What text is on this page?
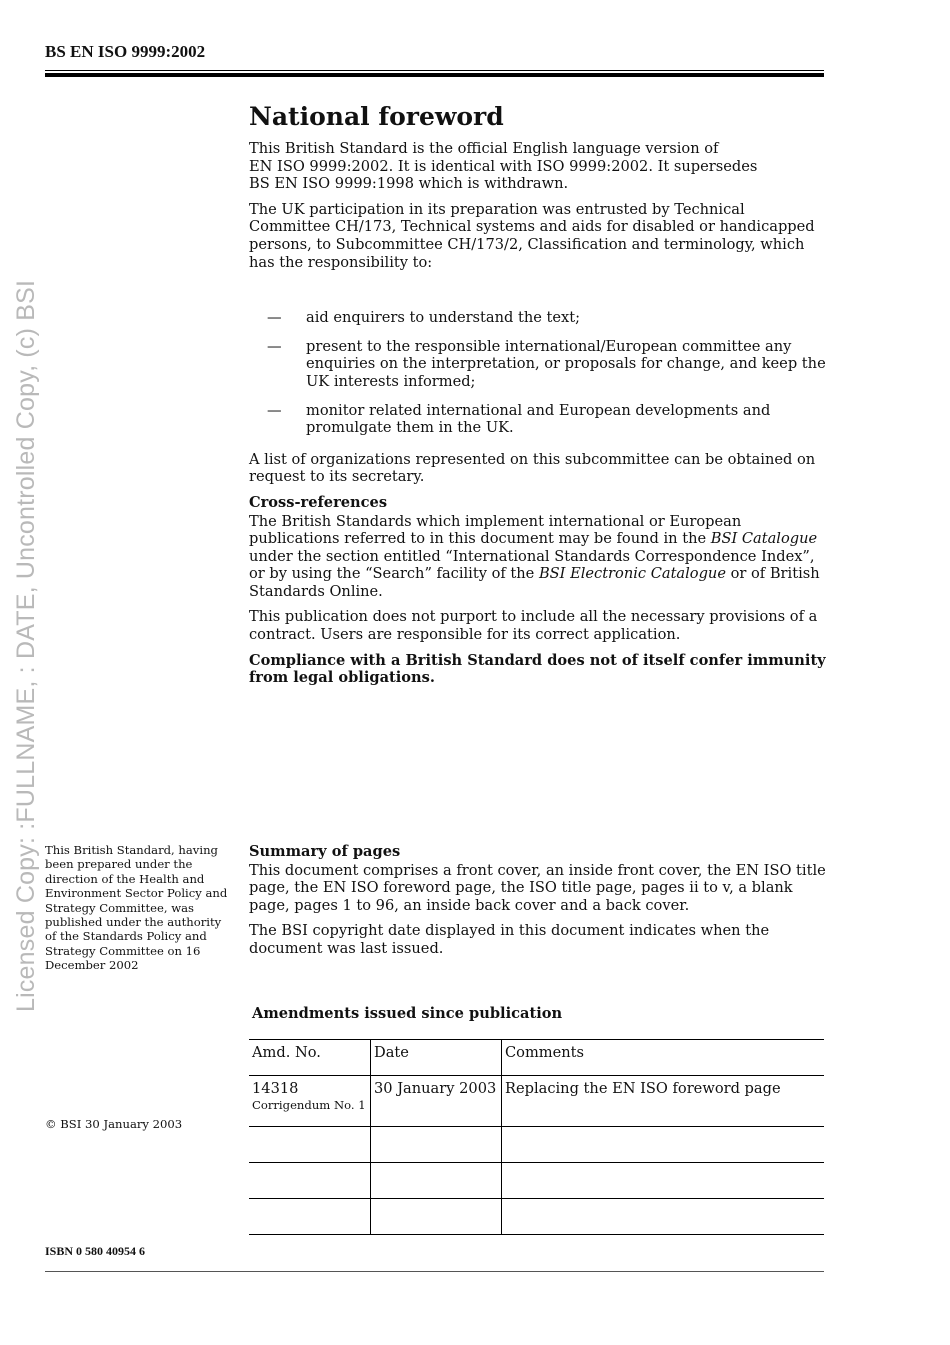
BS EN ISO 9999:2002
Licensed Copy: :FULLNAME, : DATE, Uncontrolled Copy, (c) BSI
National foreword

This British Standard is the official English language version of
EN ISO 9999:2002. It is identical with ISO 9999:2002. It supersedes
BS EN ISO 9999:1998 which is withdrawn.

The UK participation in its preparation was entrusted by Technical Committee CH/173, Technical systems and aids for disabled or handicapped persons, to Subcommittee CH/173/2, Classification and terminology, which has the responsibility to:

— aid enquirers to understand the text;
— present to the responsible international/European committee any enquiries on the interpretation, or proposals for change, and keep the UK interests informed;
— monitor related international and European developments and promulgate them in the UK.

A list of organizations represented on this subcommittee can be obtained on request to its secretary.

Cross-references

The British Standards which implement international or European publications referred to in this document may be found in the BSI Catalogue under the section entitled “International Standards Correspondence Index”, or by using the “Search” facility of the BSI Electronic Catalogue or of British Standards Online.

This publication does not purport to include all the necessary provisions of a contract. Users are responsible for its correct application.

Compliance with a British Standard does not of itself confer immunity from legal obligations.

This British Standard, having been prepared under the direction of the Health and Environment Sector Policy and Strategy Committee, was published under the authority of the Standards Policy and Strategy Committee on 16 December 2002

Summary of pages

This document comprises a front cover, an inside front cover, the EN ISO title page, the EN ISO foreword page, the ISO title page, pages ii to v, a blank page, pages 1 to 96, an inside back cover and a back cover.

The BSI copyright date displayed in this document indicates when the document was last issued.

Amendments issued since publication
Amd. No.	Date	Comments
14318
Corrigendum No. 1	30 January 2003	Replacing the EN ISO foreword page

© BSI 30 January 2003
ISBN 0 580 40954 6
